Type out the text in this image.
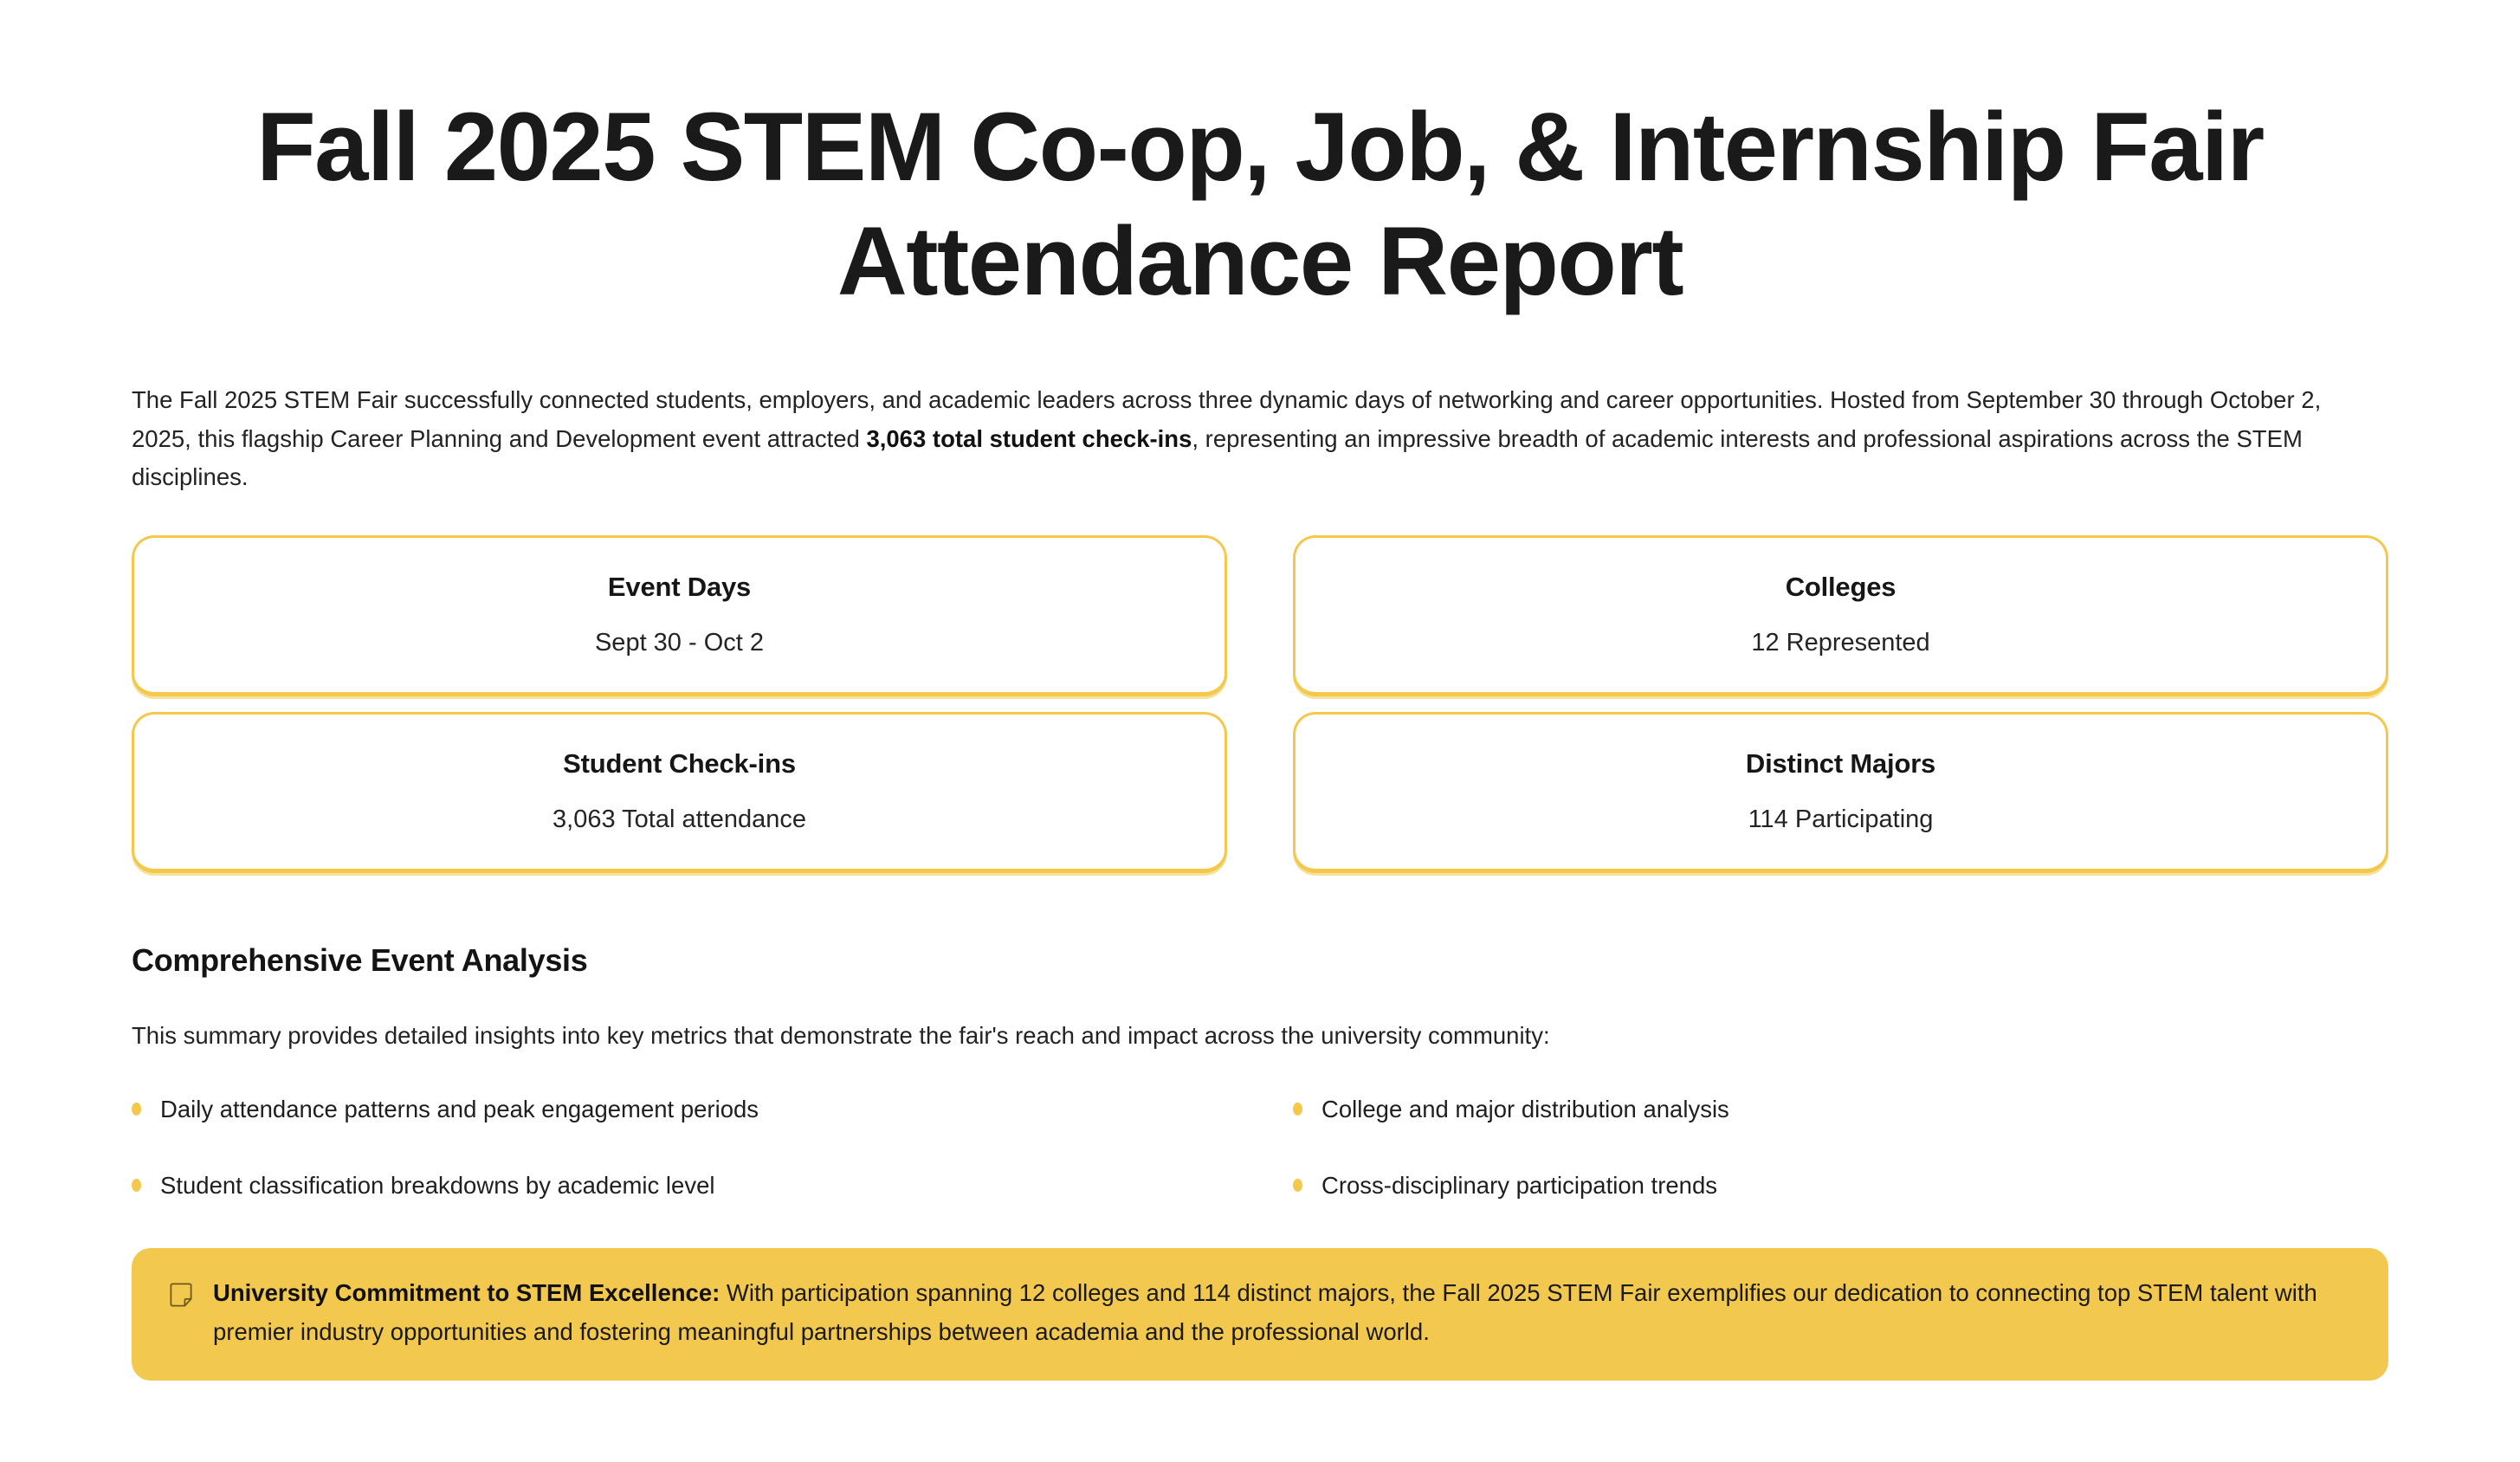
Fall 2025 STEM Co-op, Job, & Internship Fair Attendance Report

The Fall 2025 STEM Fair successfully connected students, employers, and academic leaders across three dynamic days of networking and career opportunities. Hosted from September 30 through October 2, 2025, this flagship Career Planning and Development event attracted 3,063 total student check-ins, representing an impressive breadth of academic interests and professional aspirations across the STEM disciplines.

Event Days
Sept 30 - Oct 2
Colleges
12 Represented
Student Check-ins
3,063 Total attendance
Distinct Majors
114 Participating
Comprehensive Event Analysis

This summary provides detailed insights into key metrics that demonstrate the fair's reach and impact across the university community:

Daily attendance patterns and peak engagement periods	College and major distribution analysis
Student classification breakdowns by academic level	Cross-disciplinary participation trends
University Commitment to STEM Excellence: With participation spanning 12 colleges and 114 distinct majors, the Fall 2025 STEM Fair exemplifies our dedication to connecting top STEM talent with premier industry opportunities and fostering meaningful partnerships between academia and the professional world.
